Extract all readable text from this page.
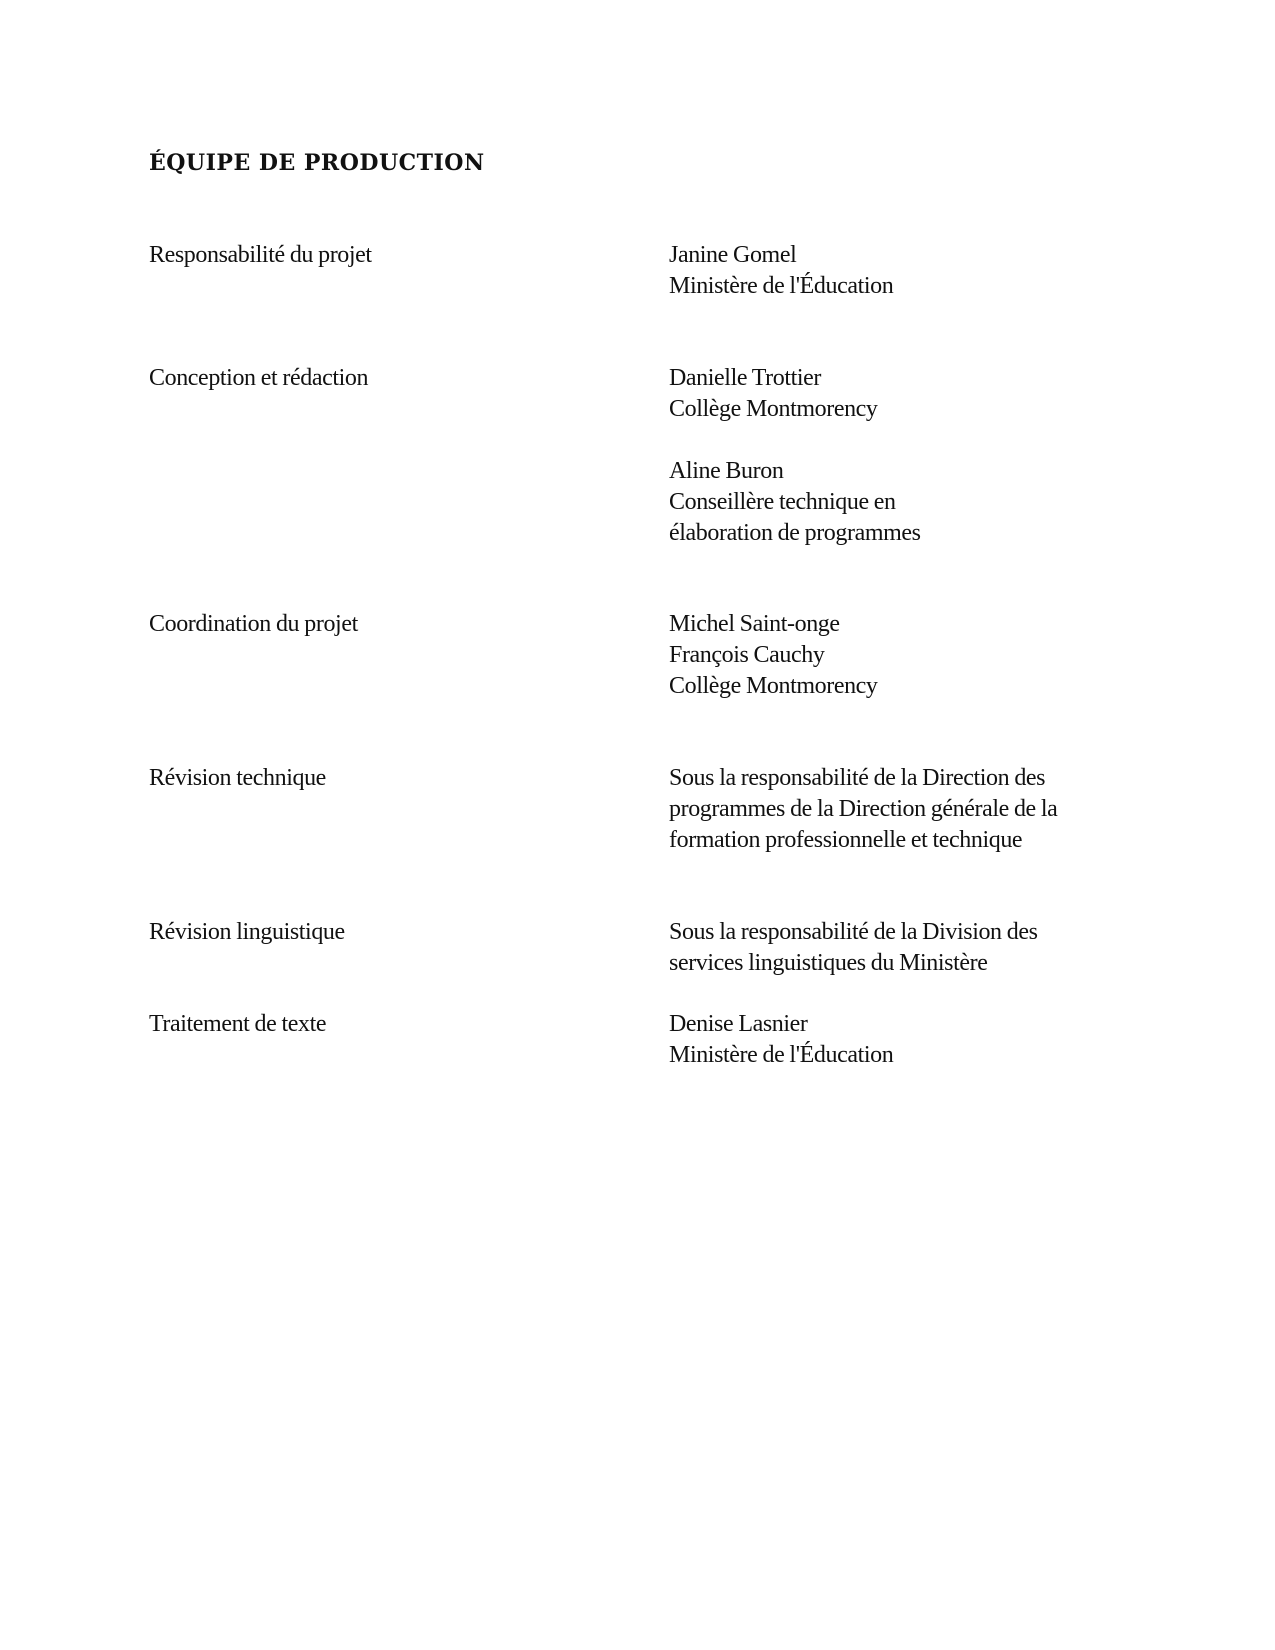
ÉQUIPE DE PRODUCTION
Responsabilité du projet	Janine Gomel
Ministère de l'Éducation
Conception et rédaction	Danielle Trottier
Collège Montmorency
Aline Buron
Conseillère technique en
élaboration de programmes
Coordination du projet	Michel Saint-onge
François Cauchy
Collège Montmorency
Révision technique	Sous la responsabilité de la Direction des
programmes de la Direction générale de la
formation professionnelle et technique
Révision linguistique	Sous la responsabilité de la Division des
services linguistiques du Ministère
Traitement de texte	Denise Lasnier
Ministère de l'Éducation
